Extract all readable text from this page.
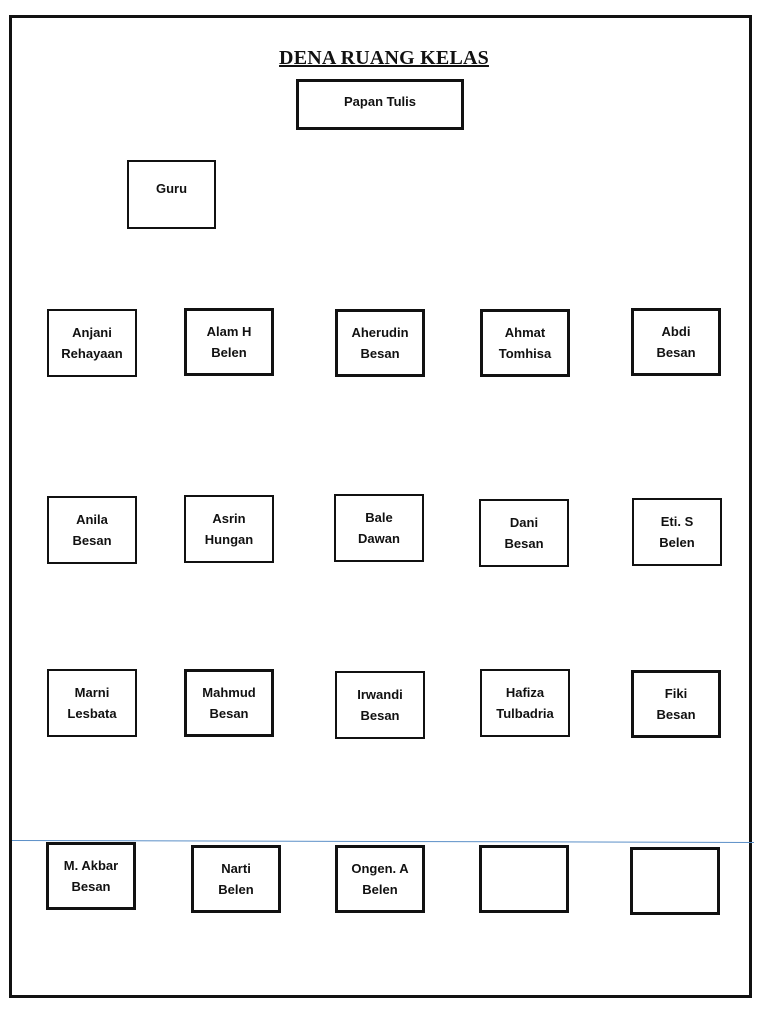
DENA RUANG KELAS
Papan Tulis
Guru
Anjani
Rehayaan
Alam H
Belen
Aherudin
Besan
Ahmat
Tomhisa
Abdi
Besan
Anila
Besan
Asrin
Hungan
Bale
Dawan
Dani
Besan
Eti. S
Belen
Marni
Lesbata
Mahmud
Besan
Irwandi
Besan
Hafiza
Tulbadria
Fiki
Besan
M. Akbar
Besan
Narti
Belen
Ongen. A
Belen
